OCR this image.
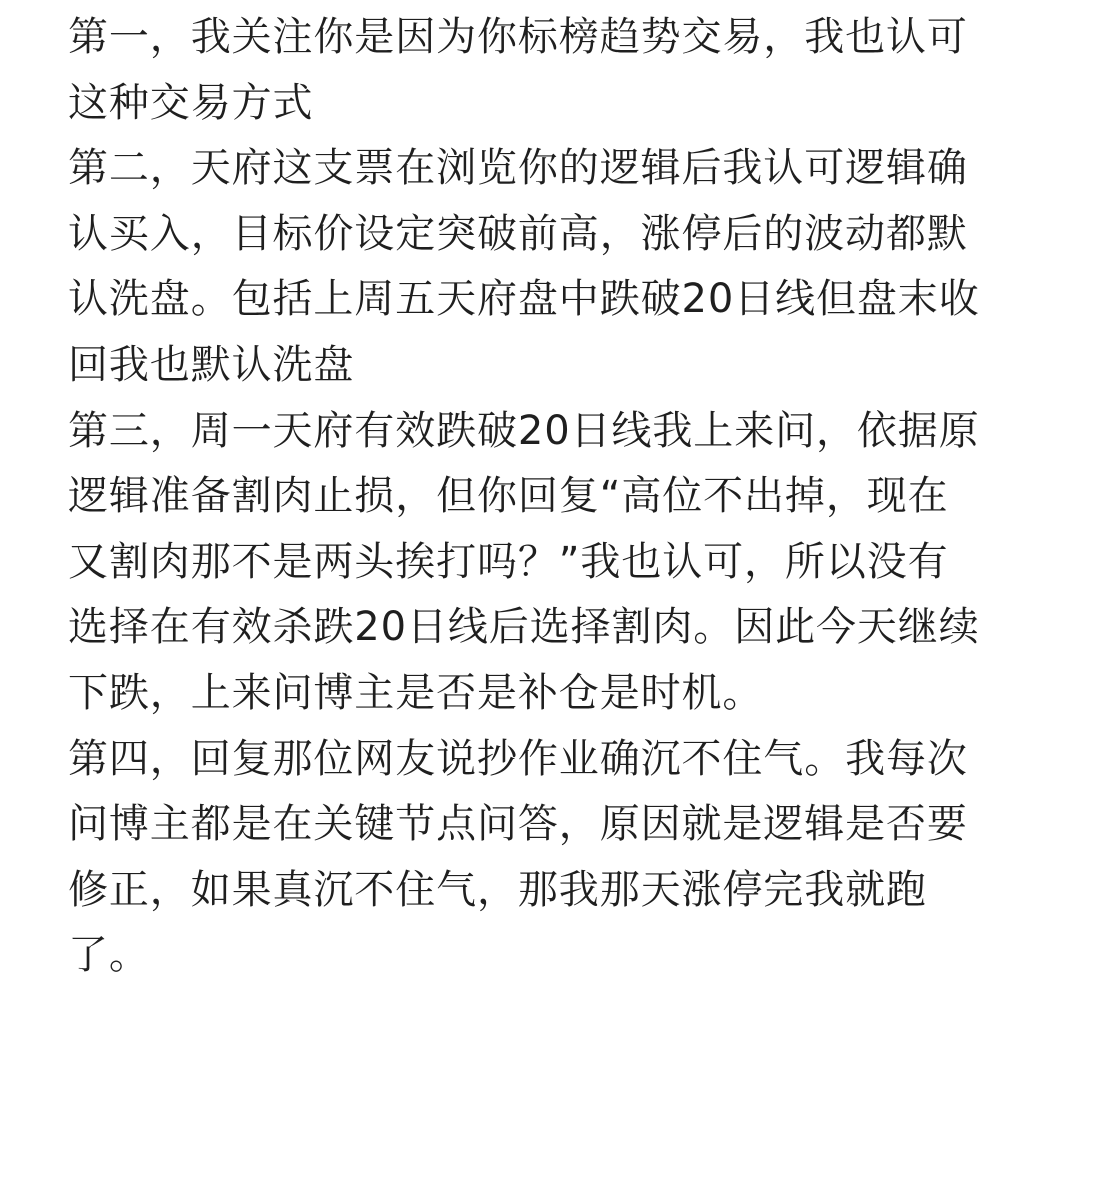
第一，我关注你是因为你标榜趋势交易，我也认可
这种交易方式
第二，天府这支票在浏览你的逻辑后我认可逻辑确
认买入，目标价设定突破前高，涨停后的波动都默
认洗盘。包括上周五天府盘中跌破20日线但盘末收
回我也默认洗盘
第三，周一天府有效跌破20日线我上来问，依据原
逻辑准备割肉止损，但你回复“高位不出掉，现在
又割肉那不是两头挨打吗？”我也认可，所以没有
选择在有效杀跌20日线后选择割肉。因此今天继续
下跌，上来问博主是否是补仓是时机。
第四，回复那位网友说抄作业确沉不住气。我每次
问博主都是在关键节点问答，原因就是逻辑是否要
修正，如果真沉不住气，那我那天涨停完我就跑
了。
